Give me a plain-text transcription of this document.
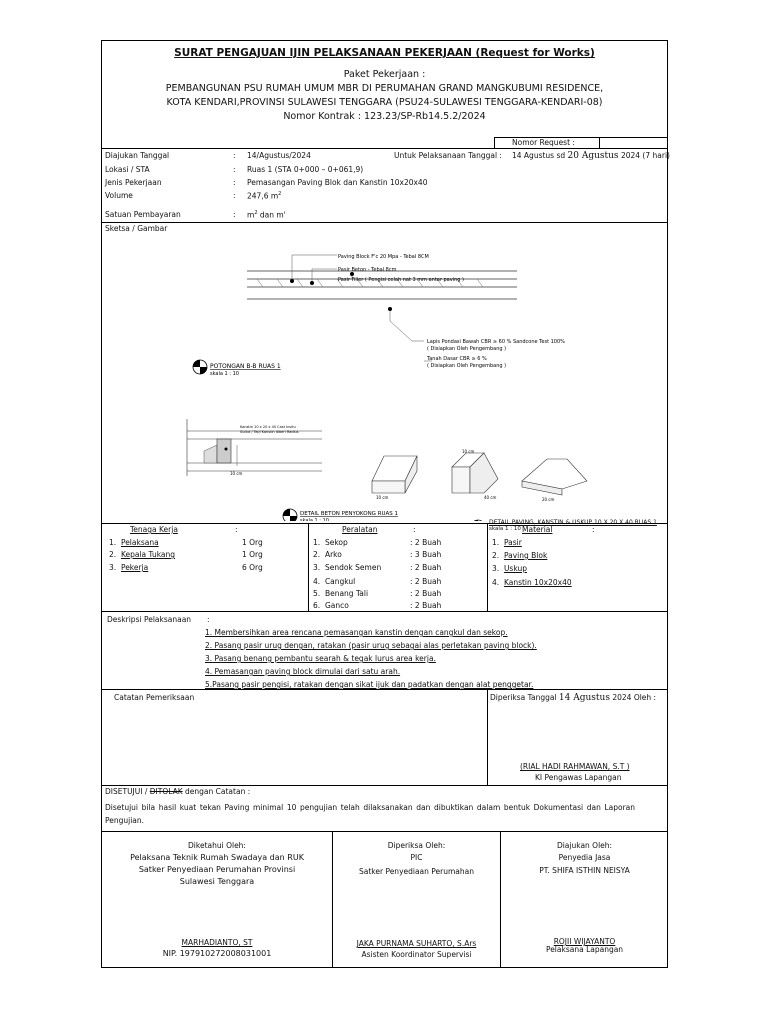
SURAT PENGAJUAN IJIN PELAKSANAAN PEKERJAAN (Request for Works)
Paket Pekerjaan :
PEMBANGUNAN PSU RUMAH UMUM MBR DI PERUMAHAN GRAND MANGKUBUMI RESIDENCE,
KOTA KENDARI,PROVINSI SULAWESI TENGGARA (PSU24-SULAWESI TENGGARA-KENDARI-08)
Nomor Kontrak : 123.23/SP-Rb14.5.2/2024
Nomor Request :
Diajukan Tanggal	: 14/Agustus/2024	Untuk Pelaksanaan Tanggal : 14 Agustus sd 20 Agustus 2024 (7 hari)
Lokasi / STA	: Ruas 1 (STA 0+000 – 0+061,9)
Jenis Pekerjaan	: Pemasangan Paving Blok dan Kanstin 10x20x40
Volume	: 247,6 $m^2$
Satuan Pembayaran	: $m^2$ dan m'
Sketsa / Gambar
Paving Block F'c 20 Mpa - Tebal 8CM
Pasir Beton - Tebal 8cm
Pasir Filler ( Pengisi celah nat 3 mm antar paving )
Lapis Pondasi Bawah CBR ≥ 60 % Sandcone Test 100%
( Disiapkan Oleh Pengembang )
Tanah Dasar CBR ≥ 6 %
( Disiapkan Oleh Pengembang )
POTONGAN B-B RUAS 1
skala 1 : 10
Kanstin 10 x 20 x 40 Cast Insitu
Sudut / Tepi Kanstin diberi Radius
10 cm
DETAIL BETON PENYOKONG RUAS 1
skala 1 : 10
10 cm
10 cm
20 cm
40 cm
DETAIL PAVING, KANSTIN & USKUP 10 X 20 X 40 RUAS 1
skala 1 : 10
Tenaga Kerja	:	Peralatan	:	Material	:
1. Pelaksana	1 Org
2. Kepala Tukang	1 Org
3. Pekerja	6 Org
1. Sekop	: 2 Buah
2. Arko	: 3 Buah
3. Sendok Semen	: 2 Buah
4. Cangkul	: 2 Buah
5. Benang Tali	: 2 Buah
6. Ganco	: 2 Buah
1. Pasir
2. Paving Blok
3. Uskup
4. Kanstin 10x20x40
Deskripsi Pelaksanaan :
1. Membersihkan area rencana pemasangan kanstin dengan cangkul dan sekop.
2. Pasang pasir urug dengan, ratakan (pasir urug sebagai alas perletakan paving block).
3. Pasang benang pembantu searah & tegak lurus area kerja.
4. Pemasangan paving block dimulai dari satu arah.
5.Pasang pasir pengisi, ratakan dengan sikat ijuk dan padatkan dengan alat penggetar.
Catatan Pemeriksaan	Diperiksa Tanggal 14 Agustus 2024 Oleh :
(RIAL HADI RAHMAWAN, S.T )
KI Pengawas Lapangan
DISETUJUI / DITOLAK dengan Catatan :
Disetujui bila hasil kuat tekan Paving minimal 10 pengujian telah dilaksanakan dan dibuktikan dalam bentuk Dokumentasi dan Laporan Pengujian.
Diketahui Oleh:
Pelaksana Teknik Rumah Swadaya dan RUK
Satker Penyediaan Perumahan Provinsi
Sulawesi Tenggara
MARHADIANTO, ST
NIP. 197910272008031001
Diperiksa Oleh:
PIC
Satker Penyediaan Perumahan
JAKA PURNAMA SUHARTO, S.Ars
Asisten Koordinator Supervisi
Diajukan Oleh:
Penyedia Jasa
PT. SHIFA ISTHIN NEISYA
ROJII WIJAYANTO
Pelaksana Lapangan
